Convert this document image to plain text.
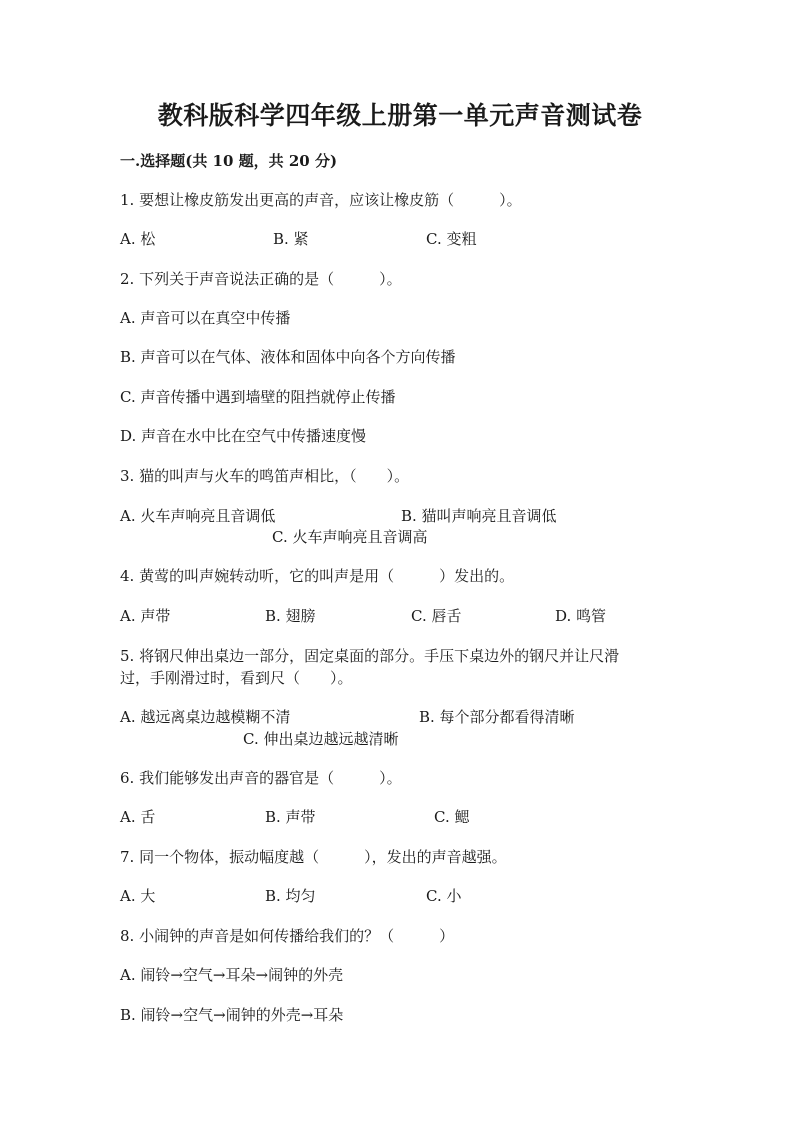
教科版科学四年级上册第一单元声音测试卷
一.选择题(共 10 题，共 20 分)
1. 要想让橡皮筋发出更高的声音，应该让橡皮筋（　　　）。
A. 松	B. 紧	C. 变粗
2. 下列关于声音说法正确的是（　　　）。
A. 声音可以在真空中传播
B. 声音可以在气体、液体和固体中向各个方向传播
C. 声音传播中遇到墙壁的阻挡就停止传播
D. 声音在水中比在空气中传播速度慢
3. 猫的叫声与火车的鸣笛声相比，（　　）。
A. 火车声响亮且音调低	B. 猫叫声响亮且音调低
C. 火车声响亮且音调高
4. 黄莺的叫声婉转动听，它的叫声是用（　　　）发出的。
A. 声带	B. 翅膀	C. 唇舌	D. 鸣管
5. 将钢尺伸出桌边一部分，固定桌面的部分。手压下桌边外的钢尺并让尺滑
过，手刚滑过时，看到尺（　　）。
A. 越远离桌边越模糊不清	B. 每个部分都看得清晰
C. 伸出桌边越远越清晰
6. 我们能够发出声音的器官是（　　　）。
A. 舌	B. 声带	C. 鳃
7. 同一个物体，振动幅度越（　　　），发出的声音越强。
A. 大	B. 均匀	C. 小
8. 小闹钟的声音是如何传播给我们的？（　　　）
A. 闹铃→空气→耳朵→闹钟的外壳
B. 闹铃→空气→闹钟的外壳→耳朵
